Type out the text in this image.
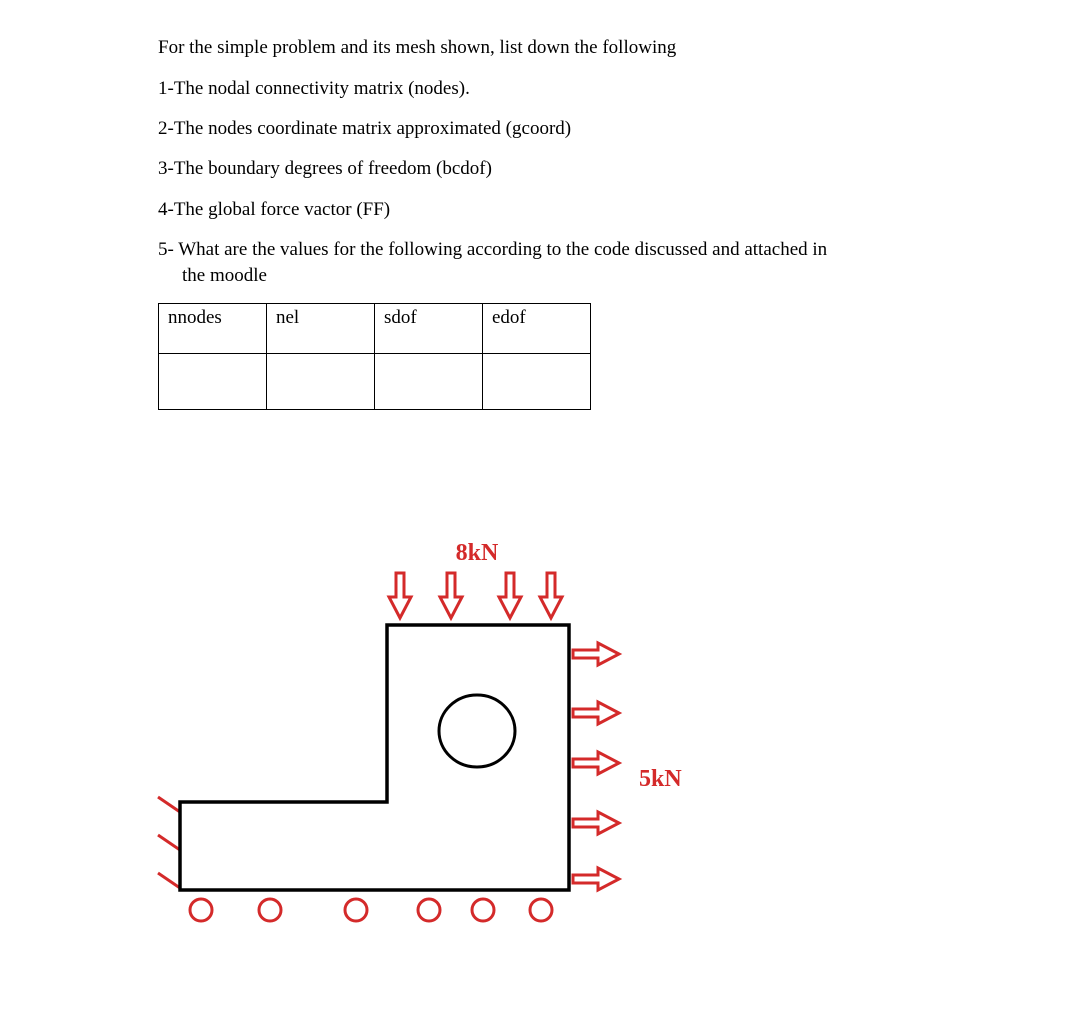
For the simple problem and its mesh shown, list down the following
1-The nodal connectivity matrix (nodes).
2-The nodes coordinate matrix approximated (gcoord)
3-The boundary degrees of freedom (bcdof)
4-The global force vactor (FF)
5- What are the values for the following according to the code discussed and attached in
the moodle
nnodes	nel	sdof	edof

8kN
5kN
